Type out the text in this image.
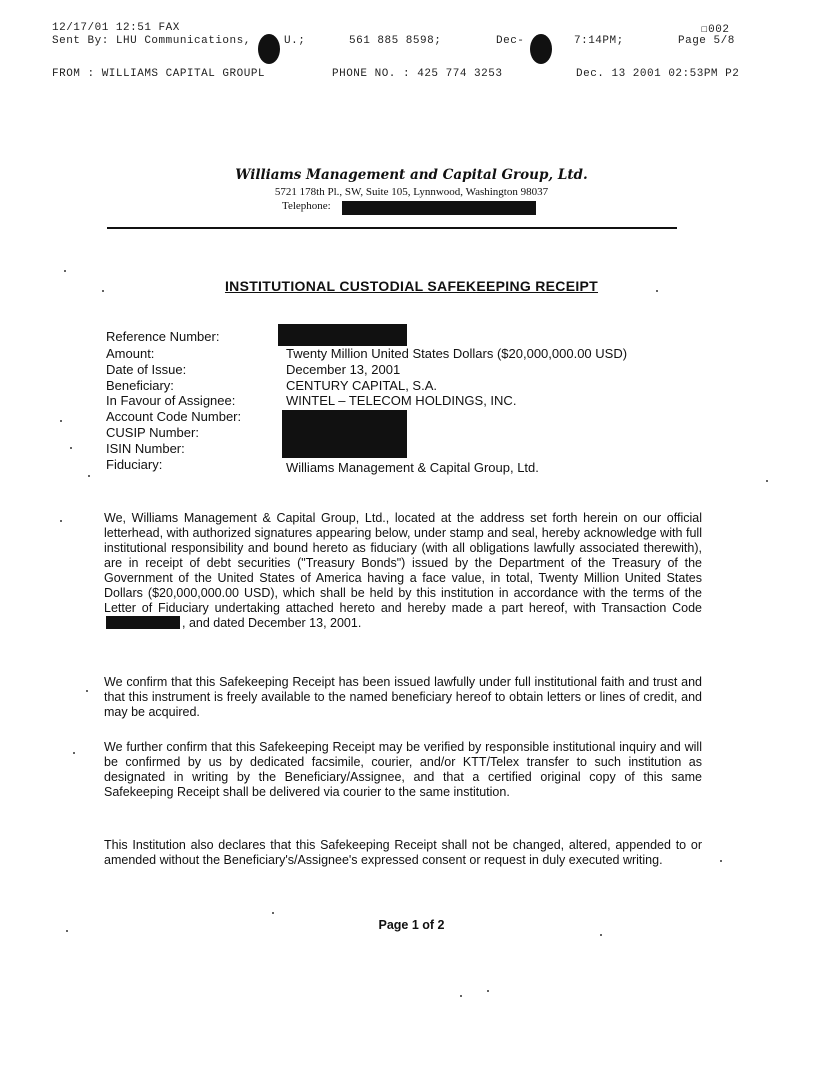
12/17/01 12:51 FAX	☐002
Sent By: LHU Communications,	U.;	561 885 8598;	Dec-	7:14PM;	Page 5/8
FROM : WILLIAMS CAPITAL GROUPL	PHONE NO. : 425 774 3253	Dec. 13 2001 02:53PM P2
Williams Management and Capital Group, Ltd.
5721 178th Pl., SW, Suite 105, Lynnwood, Washington 98037
Telephone:
INSTITUTIONAL CUSTODIAL SAFEKEEPING RECEIPT
Reference Number:
Amount:	Twenty Million United States Dollars ($20,000,000.00 USD)
Date of Issue:	December 13, 2001
Beneficiary:	CENTURY CAPITAL, S.A.
In Favour of Assignee:	WINTEL – TELECOM HOLDINGS, INC.
Account Code Number:
CUSIP Number:
ISIN Number:
Fiduciary:	Williams Management & Capital Group, Ltd.

We, Williams Management & Capital Group, Ltd., located at the address set forth herein on our official letterhead, with authorized signatures appearing below, under stamp and seal, hereby acknowledge with full institutional responsibility and bound hereto as fiduciary (with all obligations lawfully associated therewith), are in receipt of debt securities ("Treasury Bonds") issued by the Department of the Treasury of the Government of the United States of America having a face value, in total, Twenty Million United States Dollars ($20,000,000.00 USD), which shall be held by this institution in accordance with the terms of the Letter of Fiduciary undertaking attached hereto and hereby made a part hereof, with Transaction Code, and dated December 13, 2001.

We confirm that this Safekeeping Receipt has been issued lawfully under full institutional faith and trust and that this instrument is freely available to the named beneficiary hereof to obtain letters or lines of credit, and may be acquired.

We further confirm that this Safekeeping Receipt may be verified by responsible institutional inquiry and will be confirmed by us by dedicated facsimile, courier, and/or KTT/Telex transfer to such institution as designated in writing by the Beneficiary/Assignee, and that a certified original copy of this same Safekeeping Receipt shall be delivered via courier to the same institution.

This Institution also declares that this Safekeeping Receipt shall not be changed, altered, appended to or amended without the Beneficiary's/Assignee's expressed consent or request in duly executed writing.

Page 1 of 2
